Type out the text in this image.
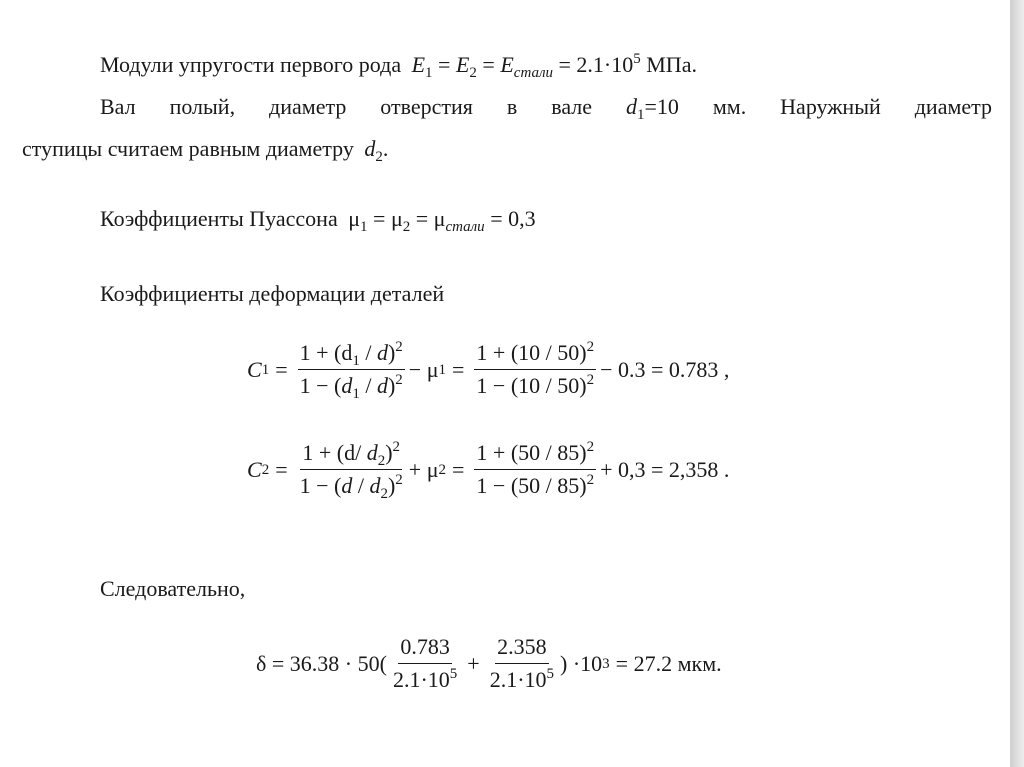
Модули упругости первого рода $E_1 = E_2 = E_{стали} = 2.1\cdot 10^5$ МПа.
Вал полый, диаметр отверстия в вале $d_1=10$ мм. Наружный диаметр
ступицы считаем равным диаметру $d_2$.
Коэффициенты Пуассона $\mu_1 = \mu_2 = \mu_{стали} = 0,3$
Коэффициенты деформации деталей
C $1 = \frac{1 + (d_1 / d)^2}{1 - (d_1 / d)^2} - \mu$ $1 = \frac{1 + (10 / 50)^2}{1 - (10 / 50)^2} - 0.3 = 0.783$ ,
C $2 = \frac{1 + (d/ d_2)^2}{1 - (d / d_2)^2} + \mu$ $2 = \frac{1 + (50 / 85)^2}{1 - (50 / 85)^2} + 0,3 = 2,358$ .
Следовательно,
$\delta = 36.38 \cdot 50( \frac{0.783}{2.1\cdot 10^5} + \frac{2.358}{2.1\cdot 10^5}$ ) ·10 3 = 27.2 мкм.
